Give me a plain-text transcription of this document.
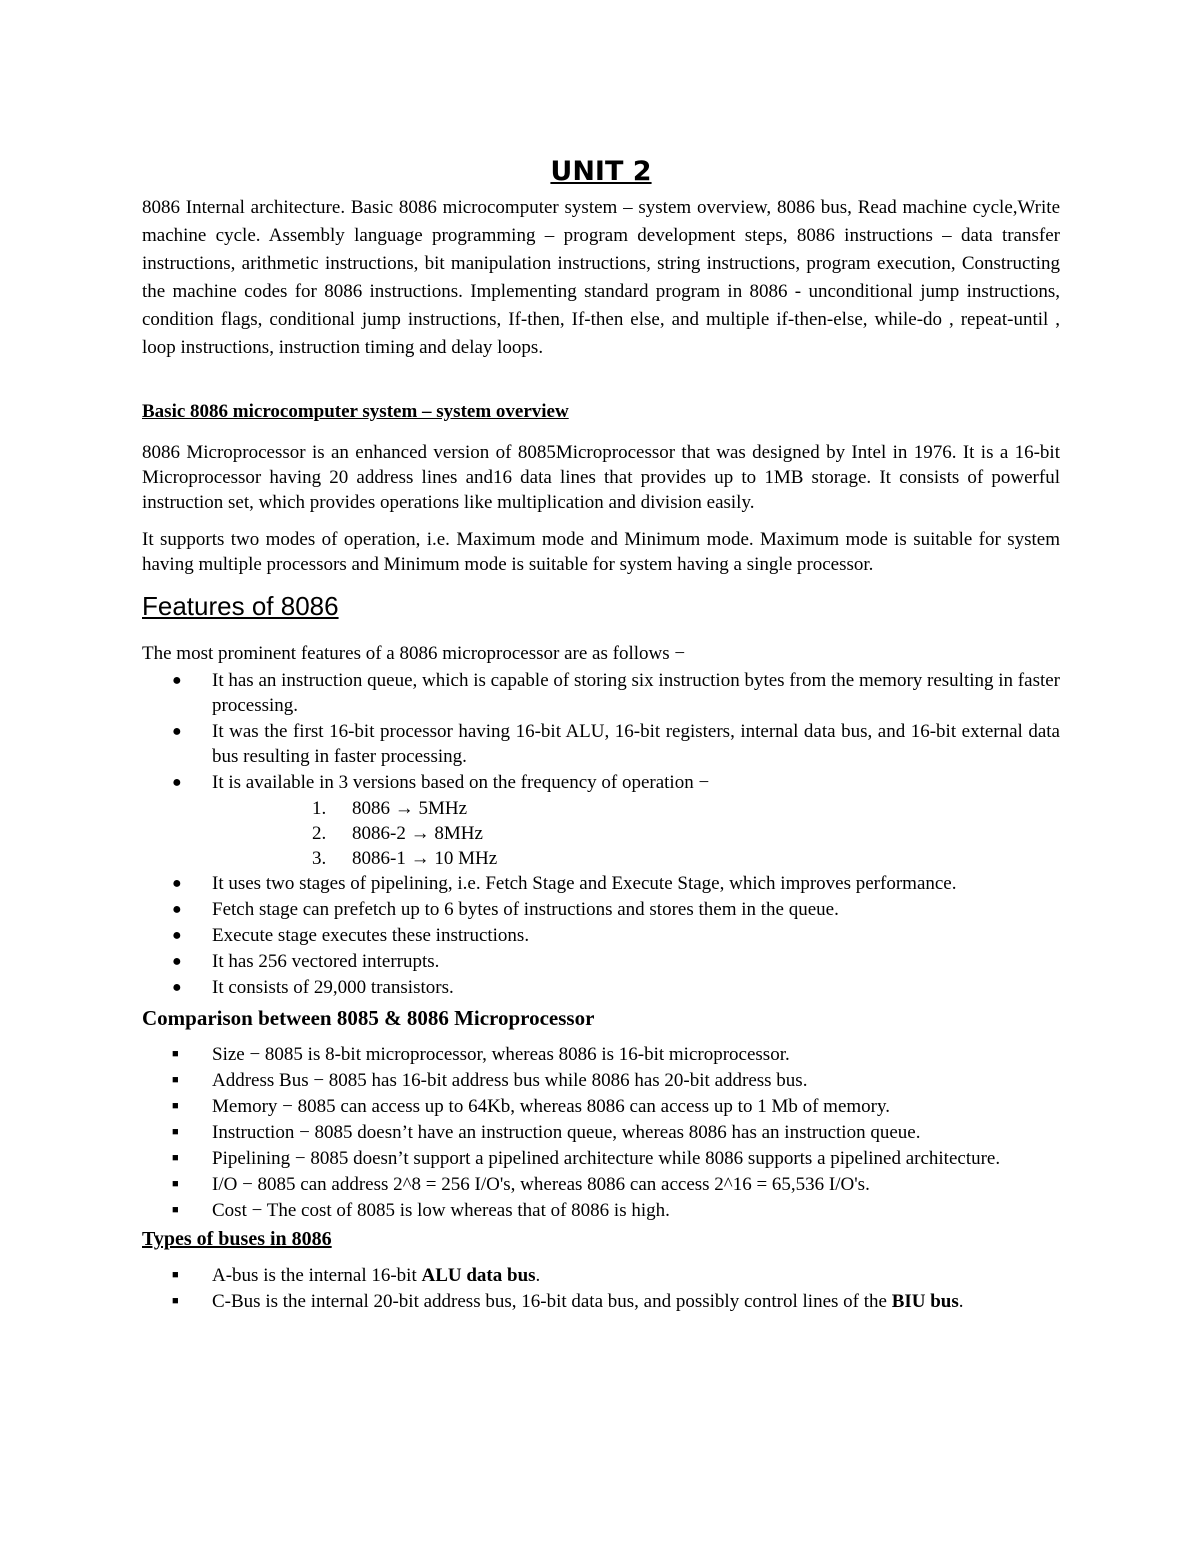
UNIT 2

8086 Internal architecture. Basic 8086 microcomputer system – system overview, 8086 bus, Read machine cycle,Write machine cycle. Assembly language programming – program development steps, 8086 instructions – data transfer instructions, arithmetic instructions, bit manipulation instructions, string instructions, program execution, Constructing the machine codes for 8086 instructions. Implementing standard program in 8086 - unconditional jump instructions, condition flags, conditional jump instructions, If-then, If-then else, and multiple if-then-else, while-do , repeat-until , loop instructions, instruction timing and delay loops.

Basic 8086 microcomputer system – system overview

8086 Microprocessor is an enhanced version of 8085Microprocessor that was designed by Intel in 1976. It is a 16-bit Microprocessor having 20 address lines and16 data lines that provides up to 1MB storage. It consists of powerful instruction set, which provides operations like multiplication and division easily.

It supports two modes of operation, i.e. Maximum mode and Minimum mode. Maximum mode is suitable for system having multiple processors and Minimum mode is suitable for system having a single processor.

Features of 8086

The most prominent features of a 8086 microprocessor are as follows −

● It has an instruction queue, which is capable of storing six instruction bytes from the memory resulting in faster processing.
● It was the first 16-bit processor having 16-bit ALU, 16-bit registers, internal data bus, and 16-bit external data bus resulting in faster processing.
● It is available in 3 versions based on the frequency of operation −
1. 8086 → 5MHz
2. 8086-2 → 8MHz
3. 8086-1 → 10 MHz
● It uses two stages of pipelining, i.e. Fetch Stage and Execute Stage, which improves performance.
● Fetch stage can prefetch up to 6 bytes of instructions and stores them in the queue.
● Execute stage executes these instructions.
● It has 256 vectored interrupts.
● It consists of 29,000 transistors.
Comparison between 8085 & 8086 Microprocessor
■ Size − 8085 is 8-bit microprocessor, whereas 8086 is 16-bit microprocessor.
■ Address Bus − 8085 has 16-bit address bus while 8086 has 20-bit address bus.
■ Memory − 8085 can access up to 64Kb, whereas 8086 can access up to 1 Mb of memory.
■ Instruction − 8085 doesn’t have an instruction queue, whereas 8086 has an instruction queue.
■ Pipelining − 8085 doesn’t support a pipelined architecture while 8086 supports a pipelined architecture.
■ I/O − 8085 can address 2^8 = 256 I/O's, whereas 8086 can access 2^16 = 65,536 I/O's.
■ Cost − The cost of 8085 is low whereas that of 8086 is high.
Types of buses in 8086
■ A-bus is the internal 16-bit ALU data bus.
■ C-Bus is the internal 20-bit address bus, 16-bit data bus, and possibly control lines of the BIU bus.
